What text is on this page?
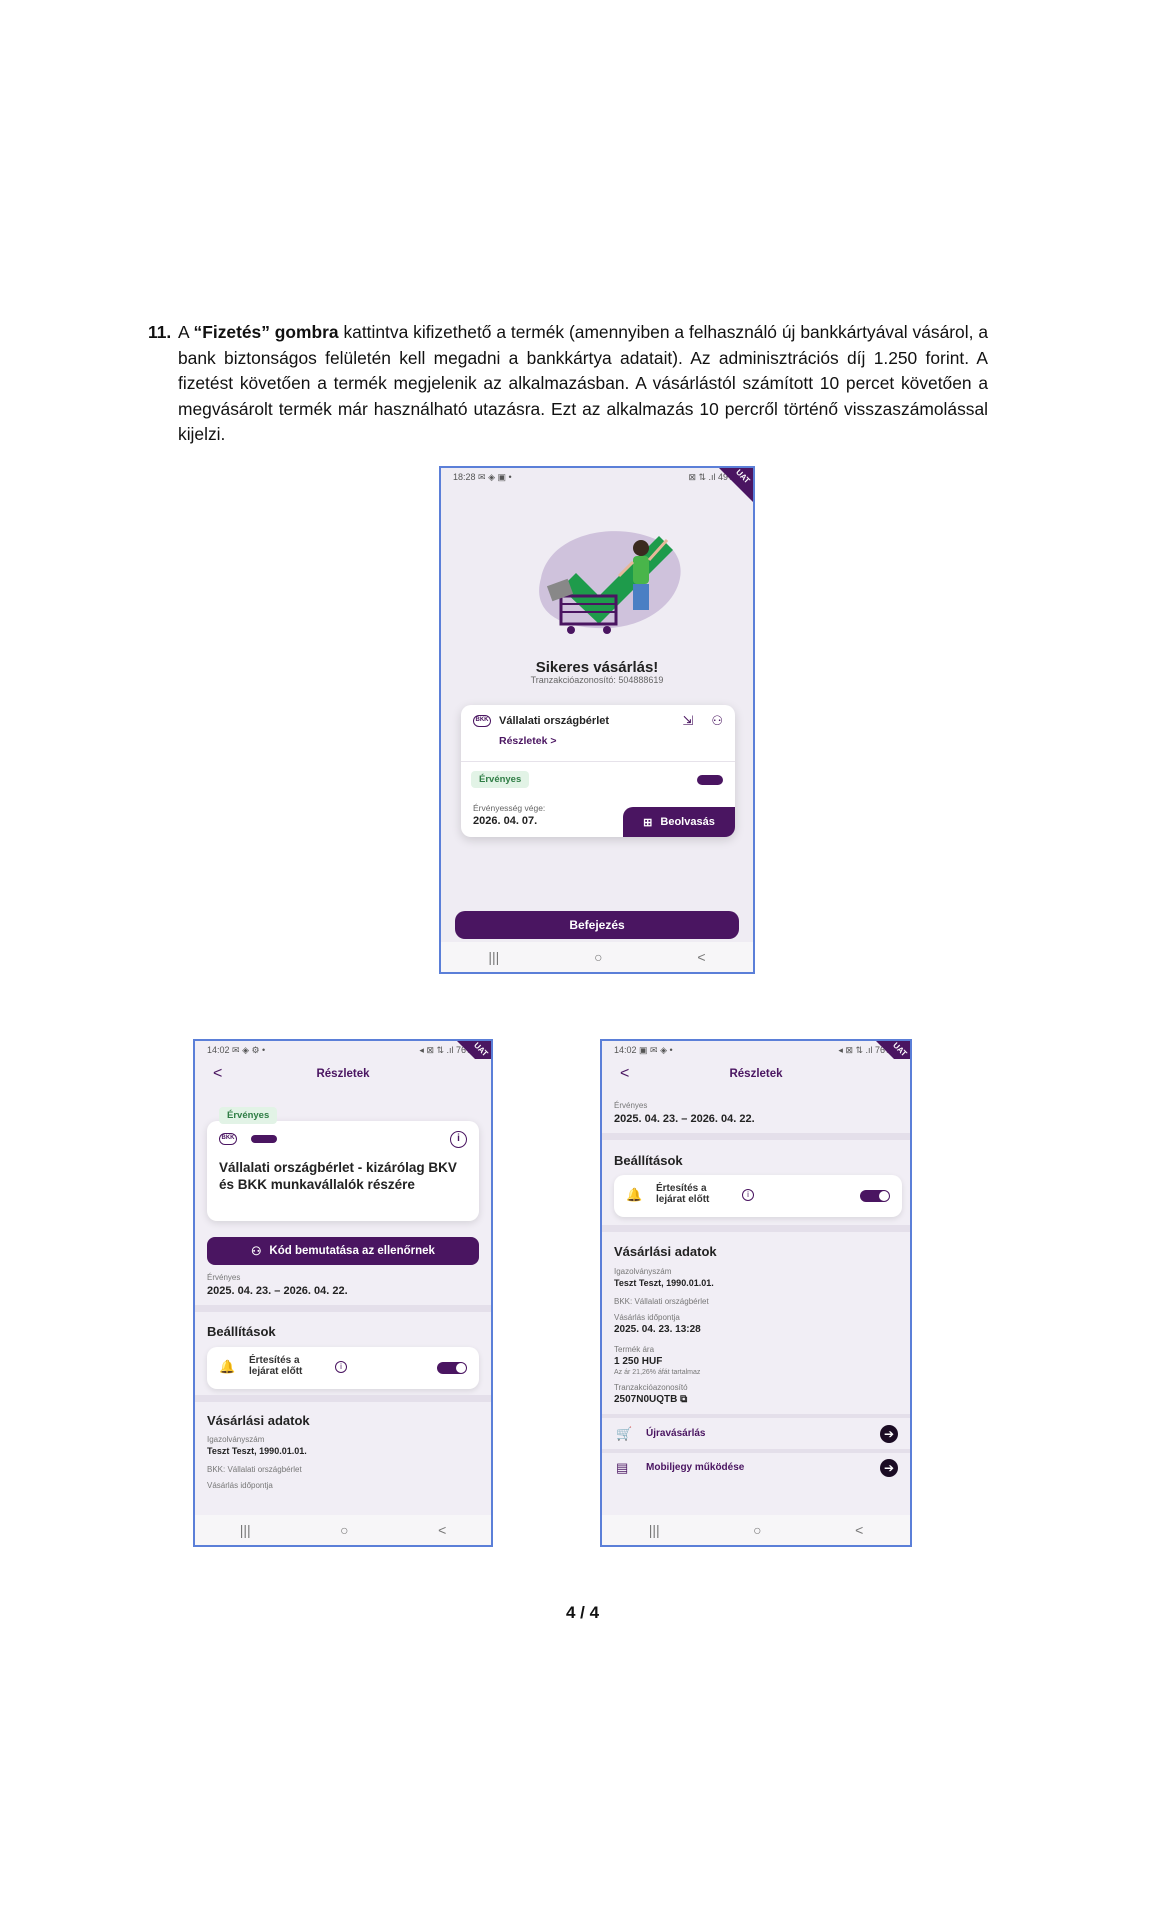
11. A “Fizetés” gombra kattintva kifizethető a termék (amennyiben a felhasználó új bankkártyával vásárol, a bank biztonságos felületén kell megadni a bankkártya adatait). Az adminisztrációs díj 1.250 forint. A fizetést követően a termék megjelenik az alkalmazásban. A vásárlástól számított 10 percet követően a megvásárolt termék már használható utazásra. Ezt az alkalmazás 10 percről történő visszaszámolással kijelzi.
18:28 ✉ ◈ ▣ •	⊠ ⇅ .ıl 49%▮
UAT
Sikeres vásárlás!
Tranzakcióazonosító: 504888619
BKK Vállalati országbérlet
Részletek >
⇲ ⚇
Érvényes
Érvényesség vége:
2026. 04. 07.	⊞ Beolvasás
Befejezés
|||	○	<
14:02 ✉ ◈ ⚙ •	◂ ⊠ ⇅ .ıl 76%▮
UAT
<	Részletek
Érvényes
BKK	i
Vállalati országbérlet - kizárólag BKV és BKK munkavállalók részére
⚇ Kód bemutatása az ellenőrnek
Érvényes
2025. 04. 23. – 2026. 04. 22.
Beállítások
🔔 Értesítés a lejárat előtt	i
Vásárlási adatok
Igazolványszám
Teszt Teszt, 1990.01.01.
BKK: Vállalati országbérlet
Vásárlás időpontja
|||	○	<
14:02 ▣ ✉ ◈ •	◂ ⊠ ⇅ .ıl 76%▮
UAT
<	Részletek
Érvényes
2025. 04. 23. – 2026. 04. 22.
Beállítások
🔔 Értesítés a lejárat előtt	i
Vásárlási adatok
Igazolványszám
Teszt Teszt, 1990.01.01.
BKK: Vállalati országbérlet
Vásárlás időpontja
2025. 04. 23. 13:28
Termék ára
1 250 HUF
Az ár 21,26% áfát tartalmaz
Tranzakcióazonosító
2507N0UQTB ⧉
🛒 Újravásárlás	➔
▤ Mobiljegy működése	➔
|||	○	<
4 / 4
